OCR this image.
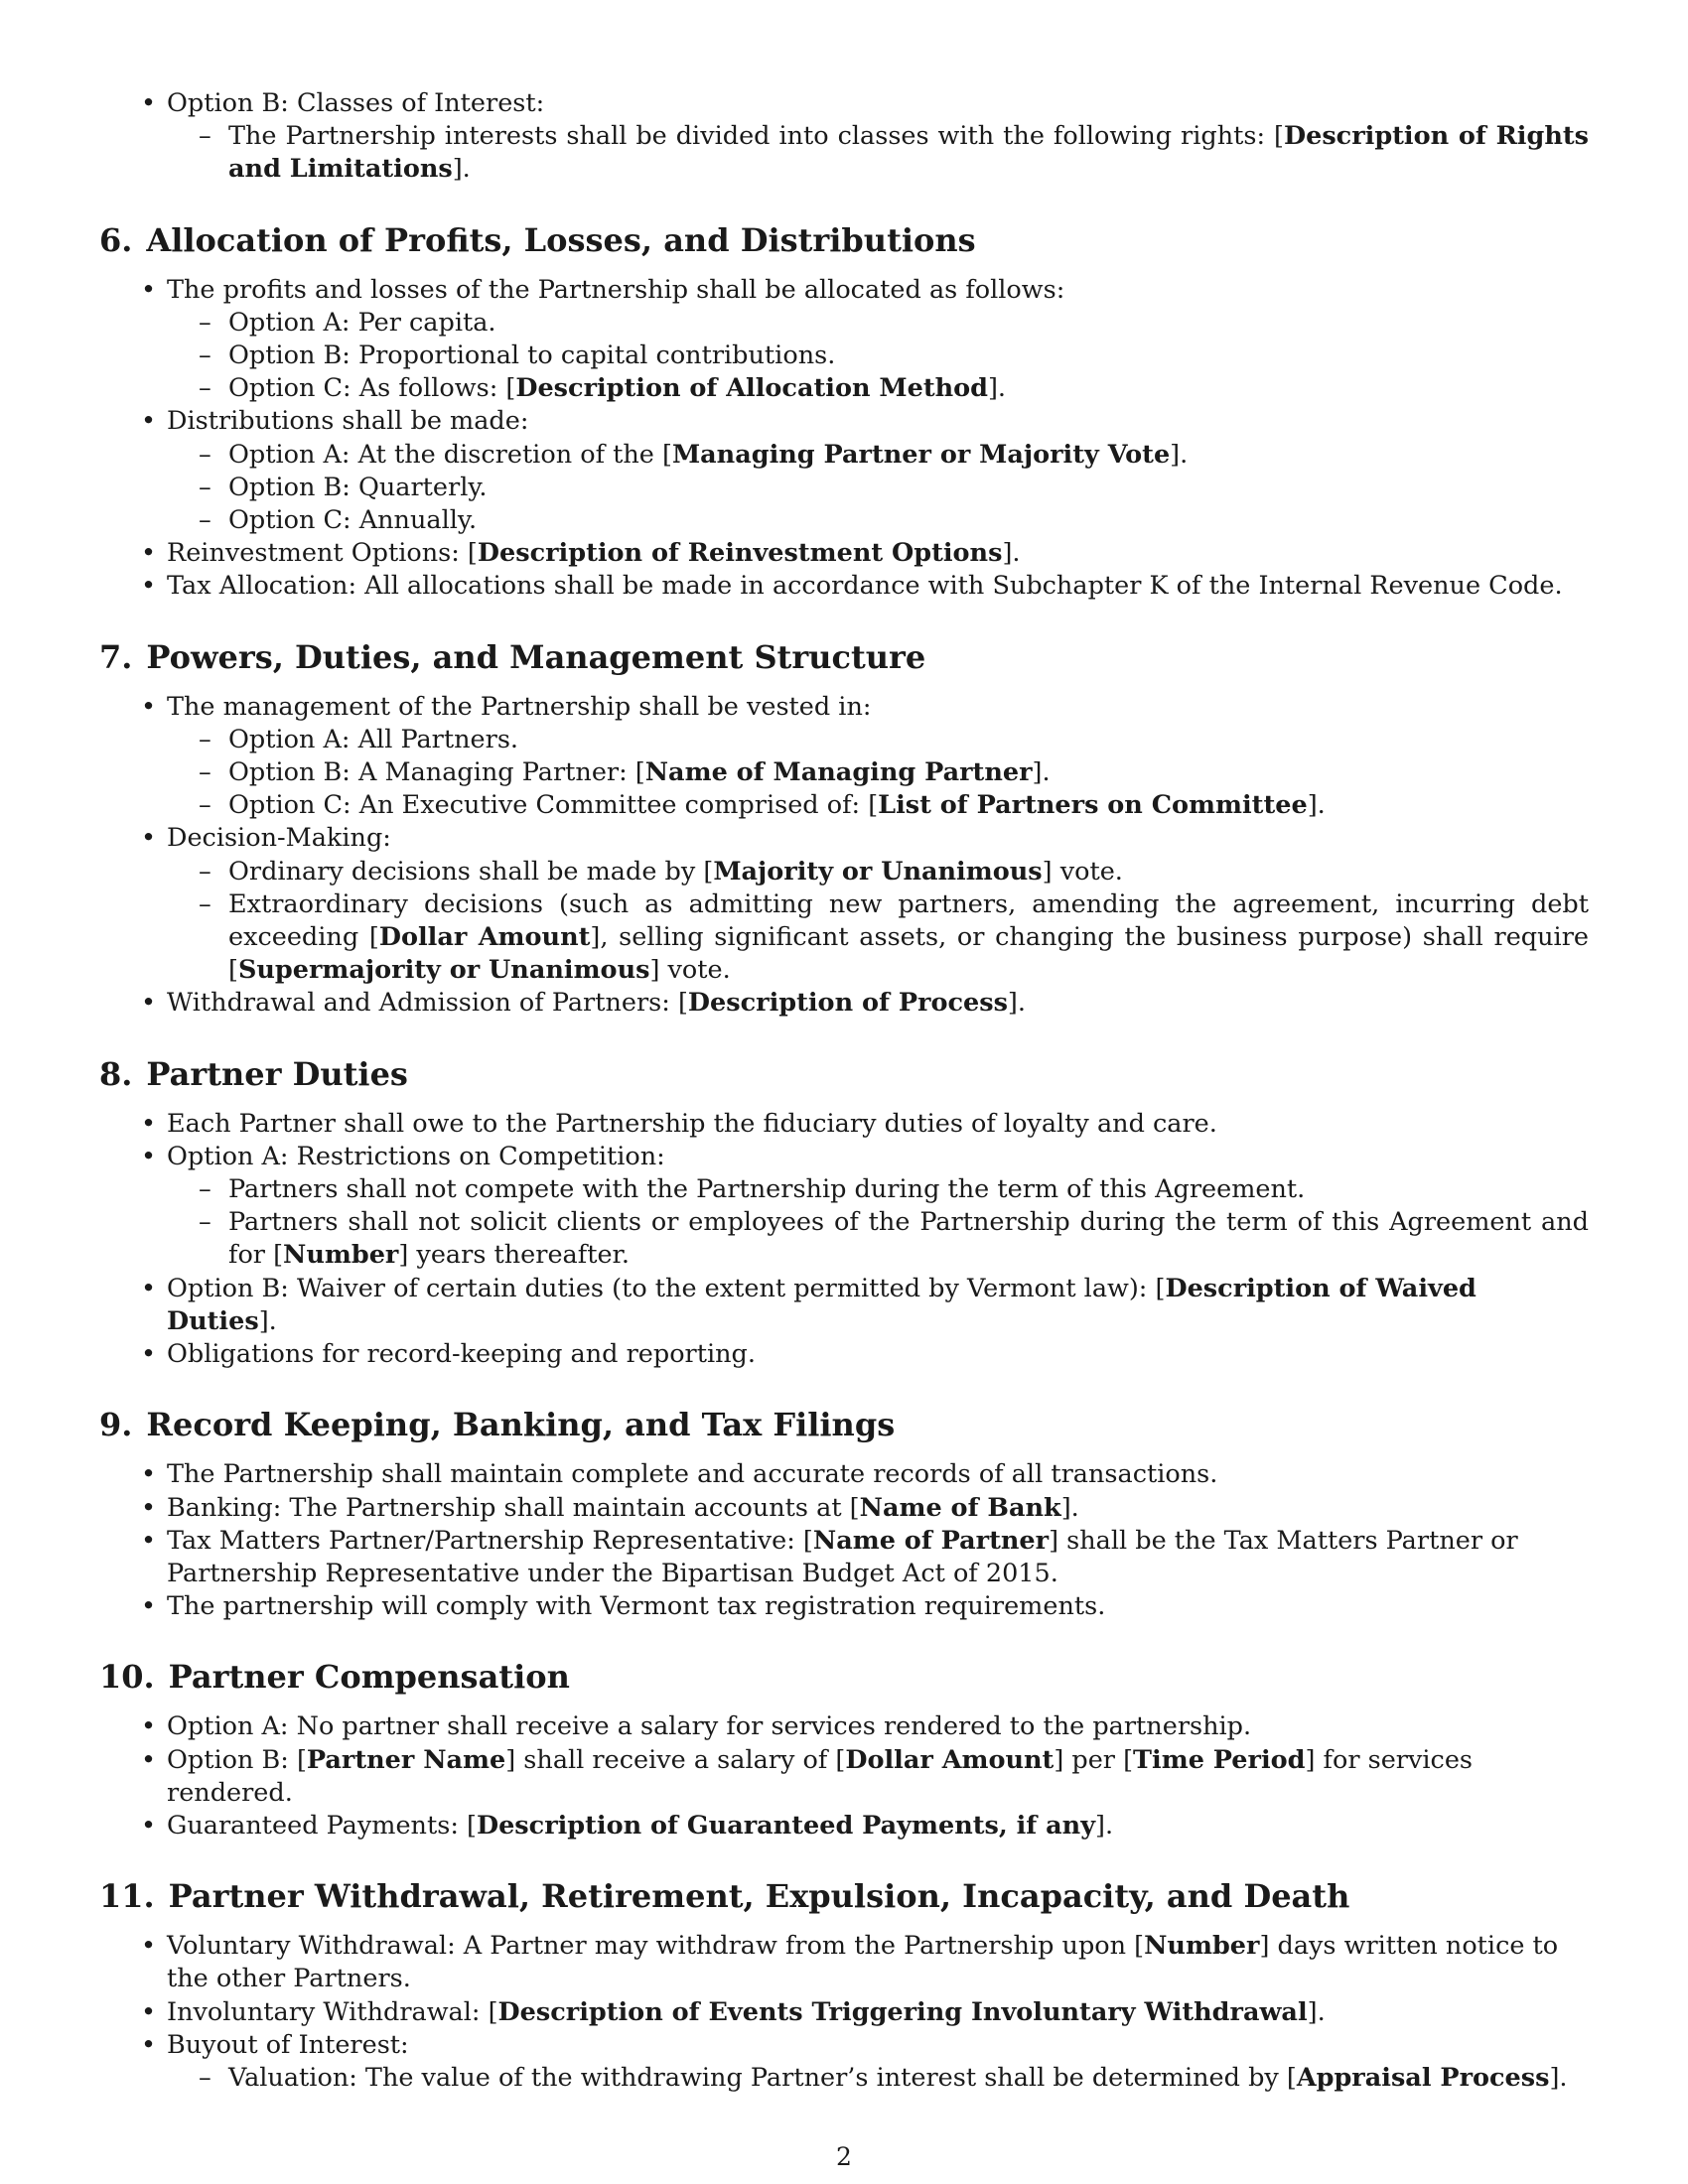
• Option B: Classes of Interest:
– The Partnership interests shall be divided into classes with the following rights: [Description of Rights and Limitations].
6. Allocation of Profits, Losses, and Distributions
• The profits and losses of the Partnership shall be allocated as follows:
– Option A: Per capita.
– Option B: Proportional to capital contributions.
– Option C: As follows: [Description of Allocation Method].
• Distributions shall be made:
– Option A: At the discretion of the [Managing Partner or Majority Vote].
– Option B: Quarterly.
– Option C: Annually.
• Reinvestment Options: [Description of Reinvestment Options].
• Tax Allocation: All allocations shall be made in accordance with Subchapter K of the Internal Revenue Code.
7. Powers, Duties, and Management Structure
• The management of the Partnership shall be vested in:
– Option A: All Partners.
– Option B: A Managing Partner: [Name of Managing Partner].
– Option C: An Executive Committee comprised of: [List of Partners on Committee].
• Decision-Making:
– Ordinary decisions shall be made by [Majority or Unanimous] vote.
– Extraordinary decisions (such as admitting new partners, amending the agreement, incurring debt exceeding [Dollar Amount], selling significant assets, or changing the business purpose) shall require [Supermajority or Unanimous] vote.
• Withdrawal and Admission of Partners: [Description of Process].
8. Partner Duties
• Each Partner shall owe to the Partnership the fiduciary duties of loyalty and care.
• Option A: Restrictions on Competition:
– Partners shall not compete with the Partnership during the term of this Agreement.
– Partners shall not solicit clients or employees of the Partnership during the term of this Agreement and for [Number] years thereafter.
• Option B: Waiver of certain duties (to the extent permitted by Vermont law): [Description of Waived Duties].
• Obligations for record-keeping and reporting.
9. Record Keeping, Banking, and Tax Filings
• The Partnership shall maintain complete and accurate records of all transactions.
• Banking: The Partnership shall maintain accounts at [Name of Bank].
• Tax Matters Partner/Partnership Representative: [Name of Partner] shall be the Tax Matters Partner or Partnership Representative under the Bipartisan Budget Act of 2015.
• The partnership will comply with Vermont tax registration requirements.
10. Partner Compensation
• Option A: No partner shall receive a salary for services rendered to the partnership.
• Option B: [Partner Name] shall receive a salary of [Dollar Amount] per [Time Period] for services rendered.
• Guaranteed Payments: [Description of Guaranteed Payments, if any].
11. Partner Withdrawal, Retirement, Expulsion, Incapacity, and Death
• Voluntary Withdrawal: A Partner may withdraw from the Partnership upon [Number] days written notice to the other Partners.
• Involuntary Withdrawal: [Description of Events Triggering Involuntary Withdrawal].
• Buyout of Interest:
– Valuation: The value of the withdrawing Partner’s interest shall be determined by [Appraisal Process].
2
